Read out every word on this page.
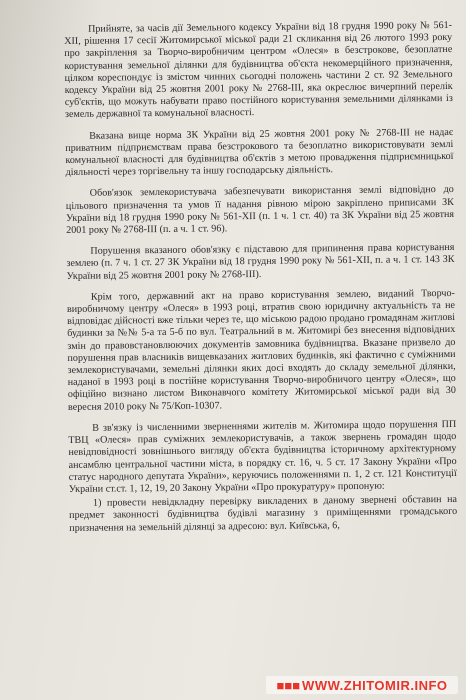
Прийняте, за часів дії Земельного кодексу України від 18 грудня 1990 року № 561-XII, рішення 17 сесії Житомирської міської ради 21 скликання від 26 лютого 1993 року про закріплення за Творчо-виробничим центром «Олеся» в безстрокове, безоплатне користування земельної ділянки для будівництва об'єкта некомерційного призначення, цілком кореспондує із змістом чинних сьогодні положень частини 2 ст. 92 Земельного кодексу України від 25 жовтня 2001 року № 2768-III, яка окреслює вичерпний перелік суб'єктів, що можуть набувати право постійного користування земельними ділянками із земель державної та комунальної власності.

Вказана вище норма ЗК України від 25 жовтня 2001 року № 2768-III не надає приватним підприємствам права безстрокового та безоплатно використовувати землі комунальної власності для будівництва об'єктів з метою провадження підприємницької діяльності через торгівельну та іншу господарську діяльність.

Обов'язок землекористувача забезпечувати використання землі відповідно до цільового призначення та умов її надання рівною мірою закріплено приписами ЗК України від 18 грудня 1990 року № 561-XII (п. 1 ч. 1 ст. 40) та ЗК України від 25 жовтня 2001 року № 2768-III (п. а ч. 1 ст. 96).

Порушення вказаного обов'язку є підставою для припинення права користування землею (п. 7 ч. 1 ст. 27 ЗК України від 18 грудня 1990 року № 561-XII, п. а ч. 1 ст. 143 ЗК України від 25 жовтня 2001 року № 2768-III).

Крім того, державний акт на право користування землею, виданий Творчо-виробничому центру «Олеся» в 1993 році, втратив свою юридичну актуальність та не відповідає дійсності вже тільки через те, що міською радою продано громадянам житлові будинки за №№ 5-а та 5-б по вул. Театральний в м. Житомирі без внесення відповідних змін до правовстановлюючих документів замовника будівництва. Вказане призвело до порушення прав власників вищевказаних житлових будинків, які фактично є суміжними землекористувачами, земельні ділянки яких досі входять до складу земельної ділянки, наданої в 1993 році в постійне користування Творчо-виробничого центру «Олеся», що офіційно визнано листом Виконавчого комітету Житомирської міської ради від 30 вересня 2010 року № 75/Коп-10307.

В зв'язку із численними зверненнями жителів м. Житомира щодо порушення ПП ТВЦ «Олеся» прав суміжних землекористувачів, а також звернень громадян щодо невідповідності зовнішнього вигляду об'єкта будівництва історичному архітектурному ансамблю центральної частини міста, в порядку ст. 16, ч. 5 ст. 17 Закону України «Про статус народного депутата України», керуючись положеннями п. 1, 2 ст. 121 Конституції України ст.ст. 1, 12, 19, 20 Закону України «Про прокуратуру» пропоную:

1) провести невідкладну перевірку викладених в даному звернені обставин на предмет законності будівництва будівлі магазину з приміщеннями громадського призначення на земельній ділянці за адресою: вул. Київська, 6,

■■■ WWW.ZHITOMIR.INFO
